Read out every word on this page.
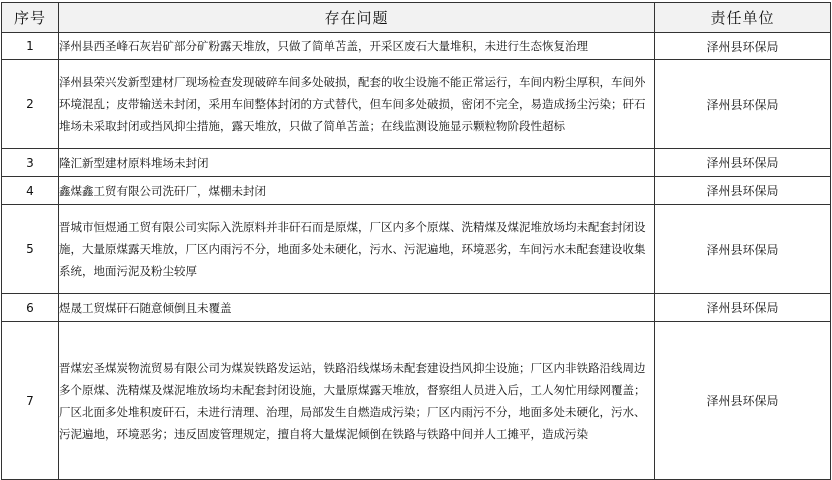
序号	存在问题	责任单位
1	泽州县西圣峰石灰岩矿部分矿粉露天堆放，只做了简单苫盖，开采区废石大量堆积，未进行生态恢复治理	泽州县环保局
2	泽州县荣兴发新型建材厂现场检查发现破碎车间多处破损，配套的收尘设施不能正常运行，车间内粉尘厚积，车间外环境混乱；皮带输送未封闭，采用车间整体封闭的方式替代，但车间多处破损，密闭不完全，易造成扬尘污染；矸石堆场未采取封闭或挡风抑尘措施，露天堆放，只做了简单苫盖；在线监测设施显示颗粒物阶段性超标	泽州县环保局
3	隆汇新型建材原料堆场未封闭	泽州县环保局
4	鑫煤鑫工贸有限公司洗矸厂，煤棚未封闭	泽州县环保局
5	晋城市恒煜通工贸有限公司实际入洗原料并非矸石而是原煤，厂区内多个原煤、洗精煤及煤泥堆放场均未配套封闭设施，大量原煤露天堆放，厂区内雨污不分，地面多处未硬化，污水、污泥遍地，环境恶劣，车间污水未配套建设收集系统，地面污泥及粉尘较厚	泽州县环保局
6	煜晟工贸煤矸石随意倾倒且未覆盖	泽州县环保局
7	晋煤宏圣煤炭物流贸易有限公司为煤炭铁路发运站，铁路沿线煤场未配套建设挡风抑尘设施；厂区内非铁路沿线周边多个原煤、洗精煤及煤泥堆放场均未配套封闭设施，大量原煤露天堆放，督察组人员进入后，工人匆忙用绿网覆盖；厂区北面多处堆积废矸石，未进行清理、治理，局部发生自燃造成污染；厂区内雨污不分，地面多处未硬化，污水、污泥遍地，环境恶劣；违反固废管理规定，擅自将大量煤泥倾倒在铁路与铁路中间并人工摊平，造成污染	泽州县环保局
